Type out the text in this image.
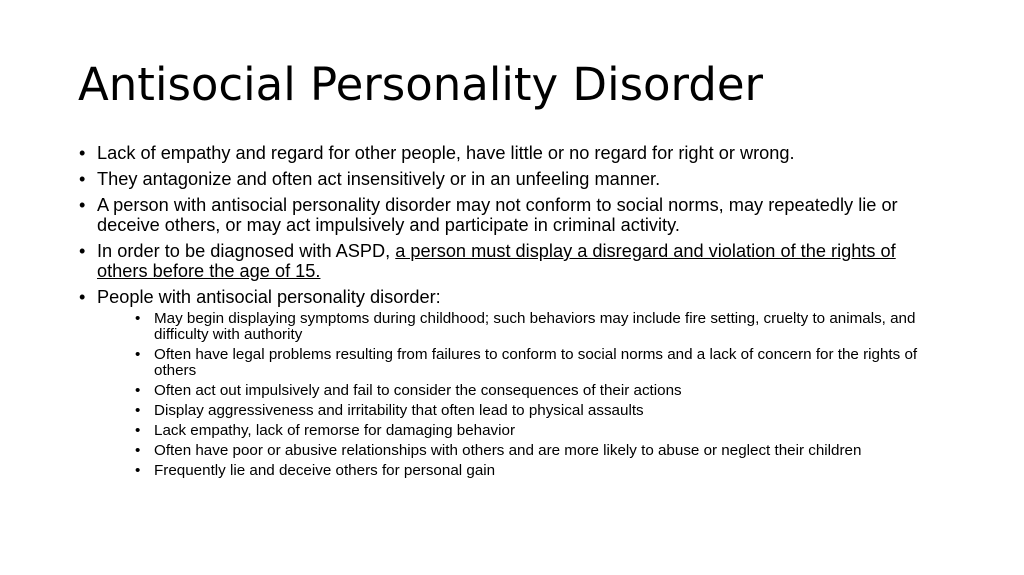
Antisocial Personality Disorder
• Lack of empathy and regard for other people, have little or no regard for right or wrong.
• They antagonize and often act insensitively or in an unfeeling manner.
• A person with antisocial personality disorder may not conform to social norms, may repeatedly lie or deceive others, or may act impulsively and participate in criminal activity.
• In order to be diagnosed with ASPD, a person must display a disregard and violation of the rights of others before the age of 15.
• People with antisocial personality disorder:
• May begin displaying symptoms during childhood; such behaviors may include fire setting, cruelty to animals, and difficulty with authority
• Often have legal problems resulting from failures to conform to social norms and a lack of concern for the rights of others
• Often act out impulsively and fail to consider the consequences of their actions
• Display aggressiveness and irritability that often lead to physical assaults
• Lack empathy, lack of remorse for damaging behavior
• Often have poor or abusive relationships with others and are more likely to abuse or neglect their children
• Frequently lie and deceive others for personal gain
